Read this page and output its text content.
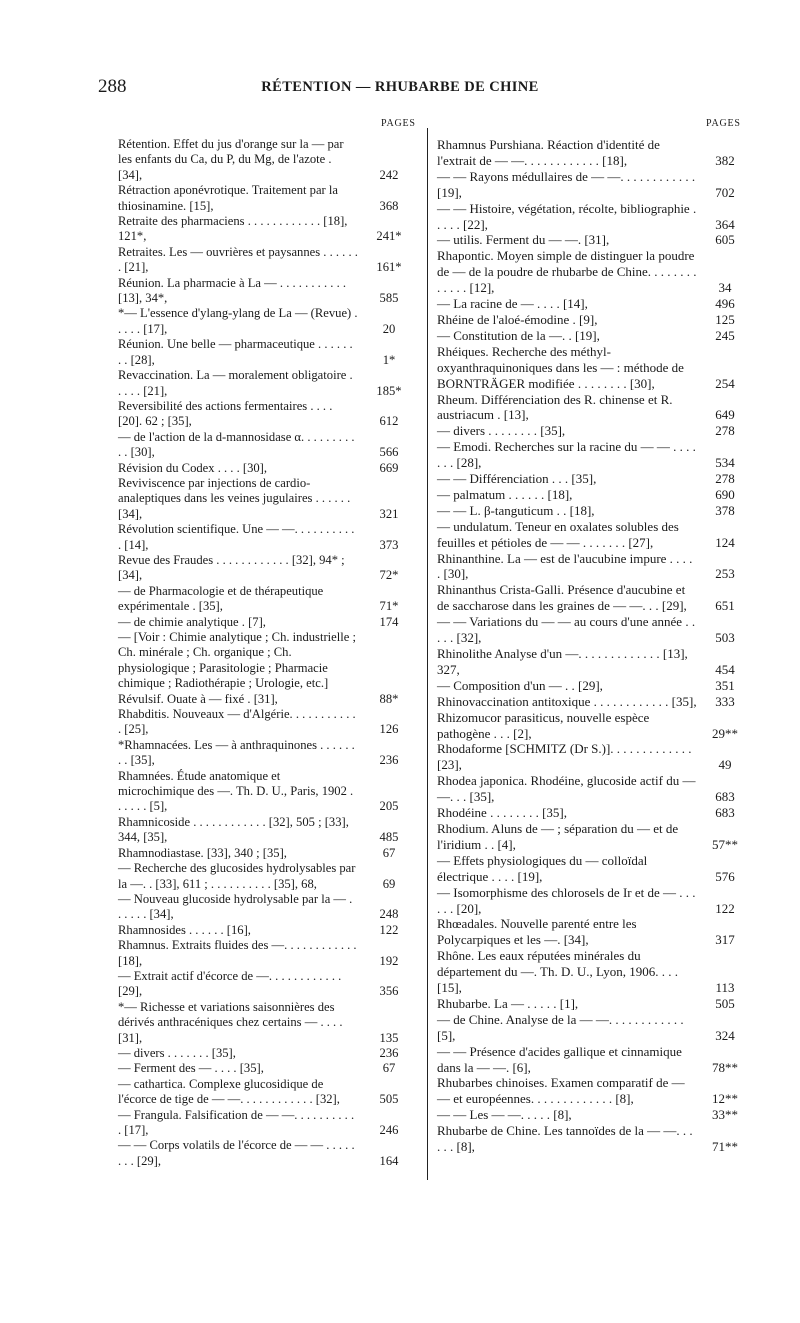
288	RÉTENTION — RHUBARBE DE CHINE
PAGES	PAGES
Rétention. Effet du jus d'orange sur la — par les enfants du Ca, du P, du Mg, de l'azote . [34],	242
Rétraction aponévrotique. Traitement par la thiosinamine. [15],	368
Retraite des pharmaciens . . . . . . . . . . . . [18], 121*,	241*
Retraites. Les — ouvrières et paysannes . . . . . . . [21],	161*
Réunion. La pharmacie à La — . . . . . . . . . . . [13], 34*,	585
*— L'essence d'ylang-ylang de La — (Revue) . . . . . [17],	20
Réunion. Une belle — pharmaceutique . . . . . . . . [28],	1*
Revaccination. La — moralement obligatoire . . . . . [21],	185*
Reversibilité des actions fermentaires . . . . [20]. 62 ; [35],	612
— de l'action de la d-mannosidase α. . . . . . . . . . . [30],	566
Révision du Codex . . . . [30],	669
Reviviscence par injections de cardio-analeptiques dans les veines jugulaires . . . . . . [34],	321
Révolution scientifique. Une — —. . . . . . . . . . . [14],	373
Revue des Fraudes . . . . . . . . . . . . [32], 94* ; [34],	72*
— de Pharmacologie et de thérapeutique expérimentale . [35],	71*
— de chimie analytique . [7],	174
— [Voir : Chimie analytique ; Ch. industrielle ; Ch. minérale ; Ch. organique ; Ch. physiologique ; Parasitologie ; Pharmacie chimique ; Radiothérapie ; Urologie, etc.]
Révulsif. Ouate à — fixé . [31],	88*
Rhabditis. Nouveaux — d'Algérie. . . . . . . . . . . . [25],	126
*Rhamnacées. Les — à anthraquinones . . . . . . . . [35],	236
Rhamnées. Étude anatomique et microchimique des —. Th. D. U., Paris, 1902 . . . . . . [5],	205
Rhamnicoside . . . . . . . . . . . . [32], 505 ; [33], 344, [35],	485
Rhamnodiastase. [33], 340 ; [35],	67
— Recherche des glucosides hydrolysables par la —. . [33], 611 ; . . . . . . . . . . [35], 68,	69
— Nouveau glucoside hydrolysable par la — . . . . . . [34],	248
Rhamnosides . . . . . . [16],	122
Rhamnus. Extraits fluides des —. . . . . . . . . . . . [18],	192
— Extrait actif d'écorce de —. . . . . . . . . . . . [29],	356
*— Richesse et variations saisonnières des dérivés anthracéniques chez certains — . . . . [31],	135
— divers . . . . . . . [35],	236
— Ferment des — . . . . [35],	67
— cathartica. Complexe glucosidique de l'écorce de tige de — —. . . . . . . . . . . . [32],	505
— Frangula. Falsification de — —. . . . . . . . . . . [17],	246
— — Corps volatils de l'écorce de — — . . . . . . . . [29],	164
Rhamnus Purshiana. Réaction d'identité de l'extrait de — —. . . . . . . . . . . . [18],	382
— — Rayons médullaires de — —. . . . . . . . . . . . [19],	702
— — Histoire, végétation, récolte, bibliographie . . . . . [22],	364
— utilis. Ferment du — —. [31],	605
Rhapontic. Moyen simple de distinguer la poudre de — de la poudre de rhubarbe de Chine. . . . . . . . . . . . . [12],	34
— La racine de — . . . . [14],	496
Rhéine de l'aloé-émodine . [9],	125
— Constitution de la —. . [19],	245
Rhéiques. Recherche des méthyl-oxyanthraquinoniques dans les — : méthode de BORNTRÄGER modifiée . . . . . . . . [30],	254
Rheum. Différenciation des R. chinense et R. austriacum . [13],	649
— divers . . . . . . . . [35],	278
— Emodi. Recherches sur la racine du — — . . . . . . . [28],	534
— — Différenciation . . . [35],	278
— palmatum . . . . . . [18],	690
— — L. β-tanguticum . . [18],	378
— undulatum. Teneur en oxalates solubles des feuilles et pétioles de — — . . . . . . . [27],	124
Rhinanthine. La — est de l'aucubine impure . . . . . [30],	253
Rhinanthus Crista-Galli. Présence d'aucubine et de saccharose dans les graines de — —. . . [29],	651
— — Variations du — — au cours d'une année . . . . . [32],	503
Rhinolithe Analyse d'un —. . . . . . . . . . . . . [13], 327,	454
— Composition d'un — . . [29],	351
Rhinovaccination antitoxique . . . . . . . . . . . . [35],	333
Rhizomucor parasiticus, nouvelle espèce pathogène . . . [2],	29**
Rhodaforme [SCHMITZ (Dr S.)]. . . . . . . . . . . . . [23],	49
Rhodea japonica. Rhodéine, glucoside actif du — —. . . [35],	683
Rhodéine . . . . . . . . [35],	683
Rhodium. Aluns de — ; séparation du — et de l'iridium . . [4],	57**
— Effets physiologiques du — colloïdal électrique . . . . [19],	576
— Isomorphisme des chlorosels de Ir et de — . . . . . . [20],	122
Rhœadales. Nouvelle parenté entre les Polycarpiques et les —. [34],	317
Rhône. Les eaux réputées minérales du département du —. Th. D. U., Lyon, 1906. . . . [15],	113
Rhubarbe. La — . . . . . [1],	505
— de Chine. Analyse de la — —. . . . . . . . . . . . [5],	324
— — Présence d'acides gallique et cinnamique dans la — —. [6],	78**
Rhubarbes chinoises. Examen comparatif de — — et européennes. . . . . . . . . . . . . [8],	12**
— — Les — —. . . . . [8],	33**
Rhubarbe de Chine. Les tannoïdes de la — —. . . . . . [8],	71**
